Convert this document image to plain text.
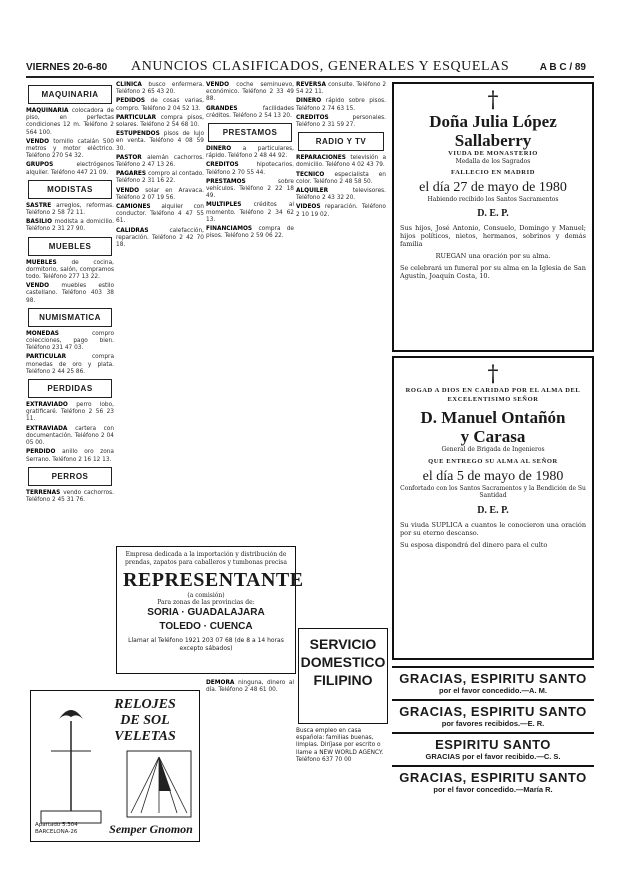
VIERNES 20-6-80 ANUNCIOS CLASIFICADOS, GENERALES Y ESQUELAS	A B C / 89
MAQUINARIA
MAQUINARIA colocadora de piso, en perfectas condiciones 12 m. Teléfono 2 564 100.
VENDO tornillo catalán 500 metros y motor eléctrico. Teléfono 270 54 32.
GRUPOS electrógenos alquiler. Teléfono 447 21 09.
MODISTAS
SASTRE arreglos, reformas. Teléfono 2 58 72 11.
BASILIO modista a domicilio. Teléfono 2 31 27 90.
MUEBLES
MUEBLES de cocina, dormitorio, salón, compramos todo. Teléfono 277 13 22.
VENDO muebles estilo castellano. Teléfono 403 38 98.
NUMISMATICA
MONEDAS compro colecciones, pago bien. Teléfono 231 47 03.
PARTICULAR compra monedas de oro y plata. Teléfono 2 44 25 86.
PERDIDAS
EXTRAVIADO perro lobo, gratificaré. Teléfono 2 56 23 11.
EXTRAVIADA cartera con documentación. Teléfono 2 04 05 00.
PERDIDO anillo oro zona Serrano. Teléfono 2 16 12 13.
PERROS
TERRENAS vendo cachorros. Teléfono 2 45 31 76.
CLINICA busco enfermera. Teléfono 2 65 43 20.
PEDIDOS de cosas varias, compro. Teléfono 2 04 52 13.
PARTICULAR compra pisos, solares. Teléfono 2 54 68 10.
ESTUPENDOS pisos de lujo en venta. Teléfono 4 08 59 30.
PASTOR alemán cachorros. Teléfono 2 47 13 26.
PAGARES compro al contado. Teléfono 2 31 16 22.
VENDO solar en Aravaca. Teléfono 2 07 19 56.
CAMIONES alquiler con conductor. Teléfono 4 47 55 61.
CALIDRAS calefacción, reparación. Teléfono 2 42 70 18.
VENDO coche seminuevo, económico. Teléfono 2 33 49 88.
GRANDES facilidades créditos. Teléfono 2 54 13 20.
PRESTAMOS
DINERO a particulares, rápido. Teléfono 2 48 44 92.
CREDITOS hipotecarios. Teléfono 2 70 55 44.
PRESTAMOS sobre vehículos. Teléfono 2 22 18 49.
MULTIPLES créditos al momento. Teléfono 2 34 62 13.
FINANCIAMOS compra de pisos. Teléfono 2 59 06 22.
REVERSA consulte. Teléfono 2 54 22 11.
DINERO rápido sobre pisos. Teléfono 2 74 63 15.
CREDITOS personales. Teléfono 2 31 59 27.
RADIO Y TV
REPARACIONES televisión a domicilio. Teléfono 4 02 43 79.
TECNICO especialista en color. Teléfono 2 48 58 50.
ALQUILER televisores. Teléfono 2 43 32 20.
VIDEOS reparación. Teléfono 2 10 19 02.
Empresa dedicada a la importación y distribución de prendas, zapatos para caballeros y tumbonas precisa
REPRESENTANTE
(a comisión)
Para zonas de las provincias de:
SORIA · GUADALAJARA
TOLEDO · CUENCA
Llamar al Teléfono 1921 203 07 68 (de 8 a 14 horas excepto sábados)
DEMORA ninguna, dinero al día. Teléfono 2 48 61 00.
SERVICIO
DOMESTICO
FILIPINO
Busca empleo en casa española: familias buenas, limpias. Diríjase por escrito o llame a NEW WORLD AGENCY. Teléfono 637 70 00
RELOJES
DE SOL
VELETAS
Apartado 5.304 BARCELONA-26	Semper Gnomon
†
Doña Julia López
Sallaberry
VIUDA DE MONASTERIO
Medalla de los Sagrados
FALLECIO EN MADRID
el día 27 de mayo de 1980
Habiendo recibido los Santos Sacramentos
D. E. P.
Sus hijos, José Antonio, Consuelo, Domingo y Manuel; hijos políticos, nietos, hermanos, sobrinos y demás familia
RUEGAN una oración por su alma.
Se celebrará un funeral por su alma en la Iglesia de San Agustín, Joaquín Costa, 10.
†
ROGAD A DIOS EN CARIDAD POR EL ALMA DEL EXCELENTISIMO SEÑOR
D. Manuel Ontañón
y Carasa
General de Brigada de Ingenieros
QUE ENTREGO SU ALMA AL SEÑOR
el día 5 de mayo de 1980
Confortado con los Santos Sacramentos y la Bendición de Su Santidad
D. E. P.
Su viuda SUPLICA a cuantos le conocieron una oración por su eterno descanso.
Su esposa dispondrá del dinero para el culto
GRACIAS, ESPIRITU SANTO
por el favor concedido.—A. M.
GRACIAS, ESPIRITU SANTO
por favores recibidos.—E. R.
ESPIRITU SANTO
GRACIAS por el favor recibido.—C. S.
GRACIAS, ESPIRITU SANTO
por el favor concedido.—María R.
